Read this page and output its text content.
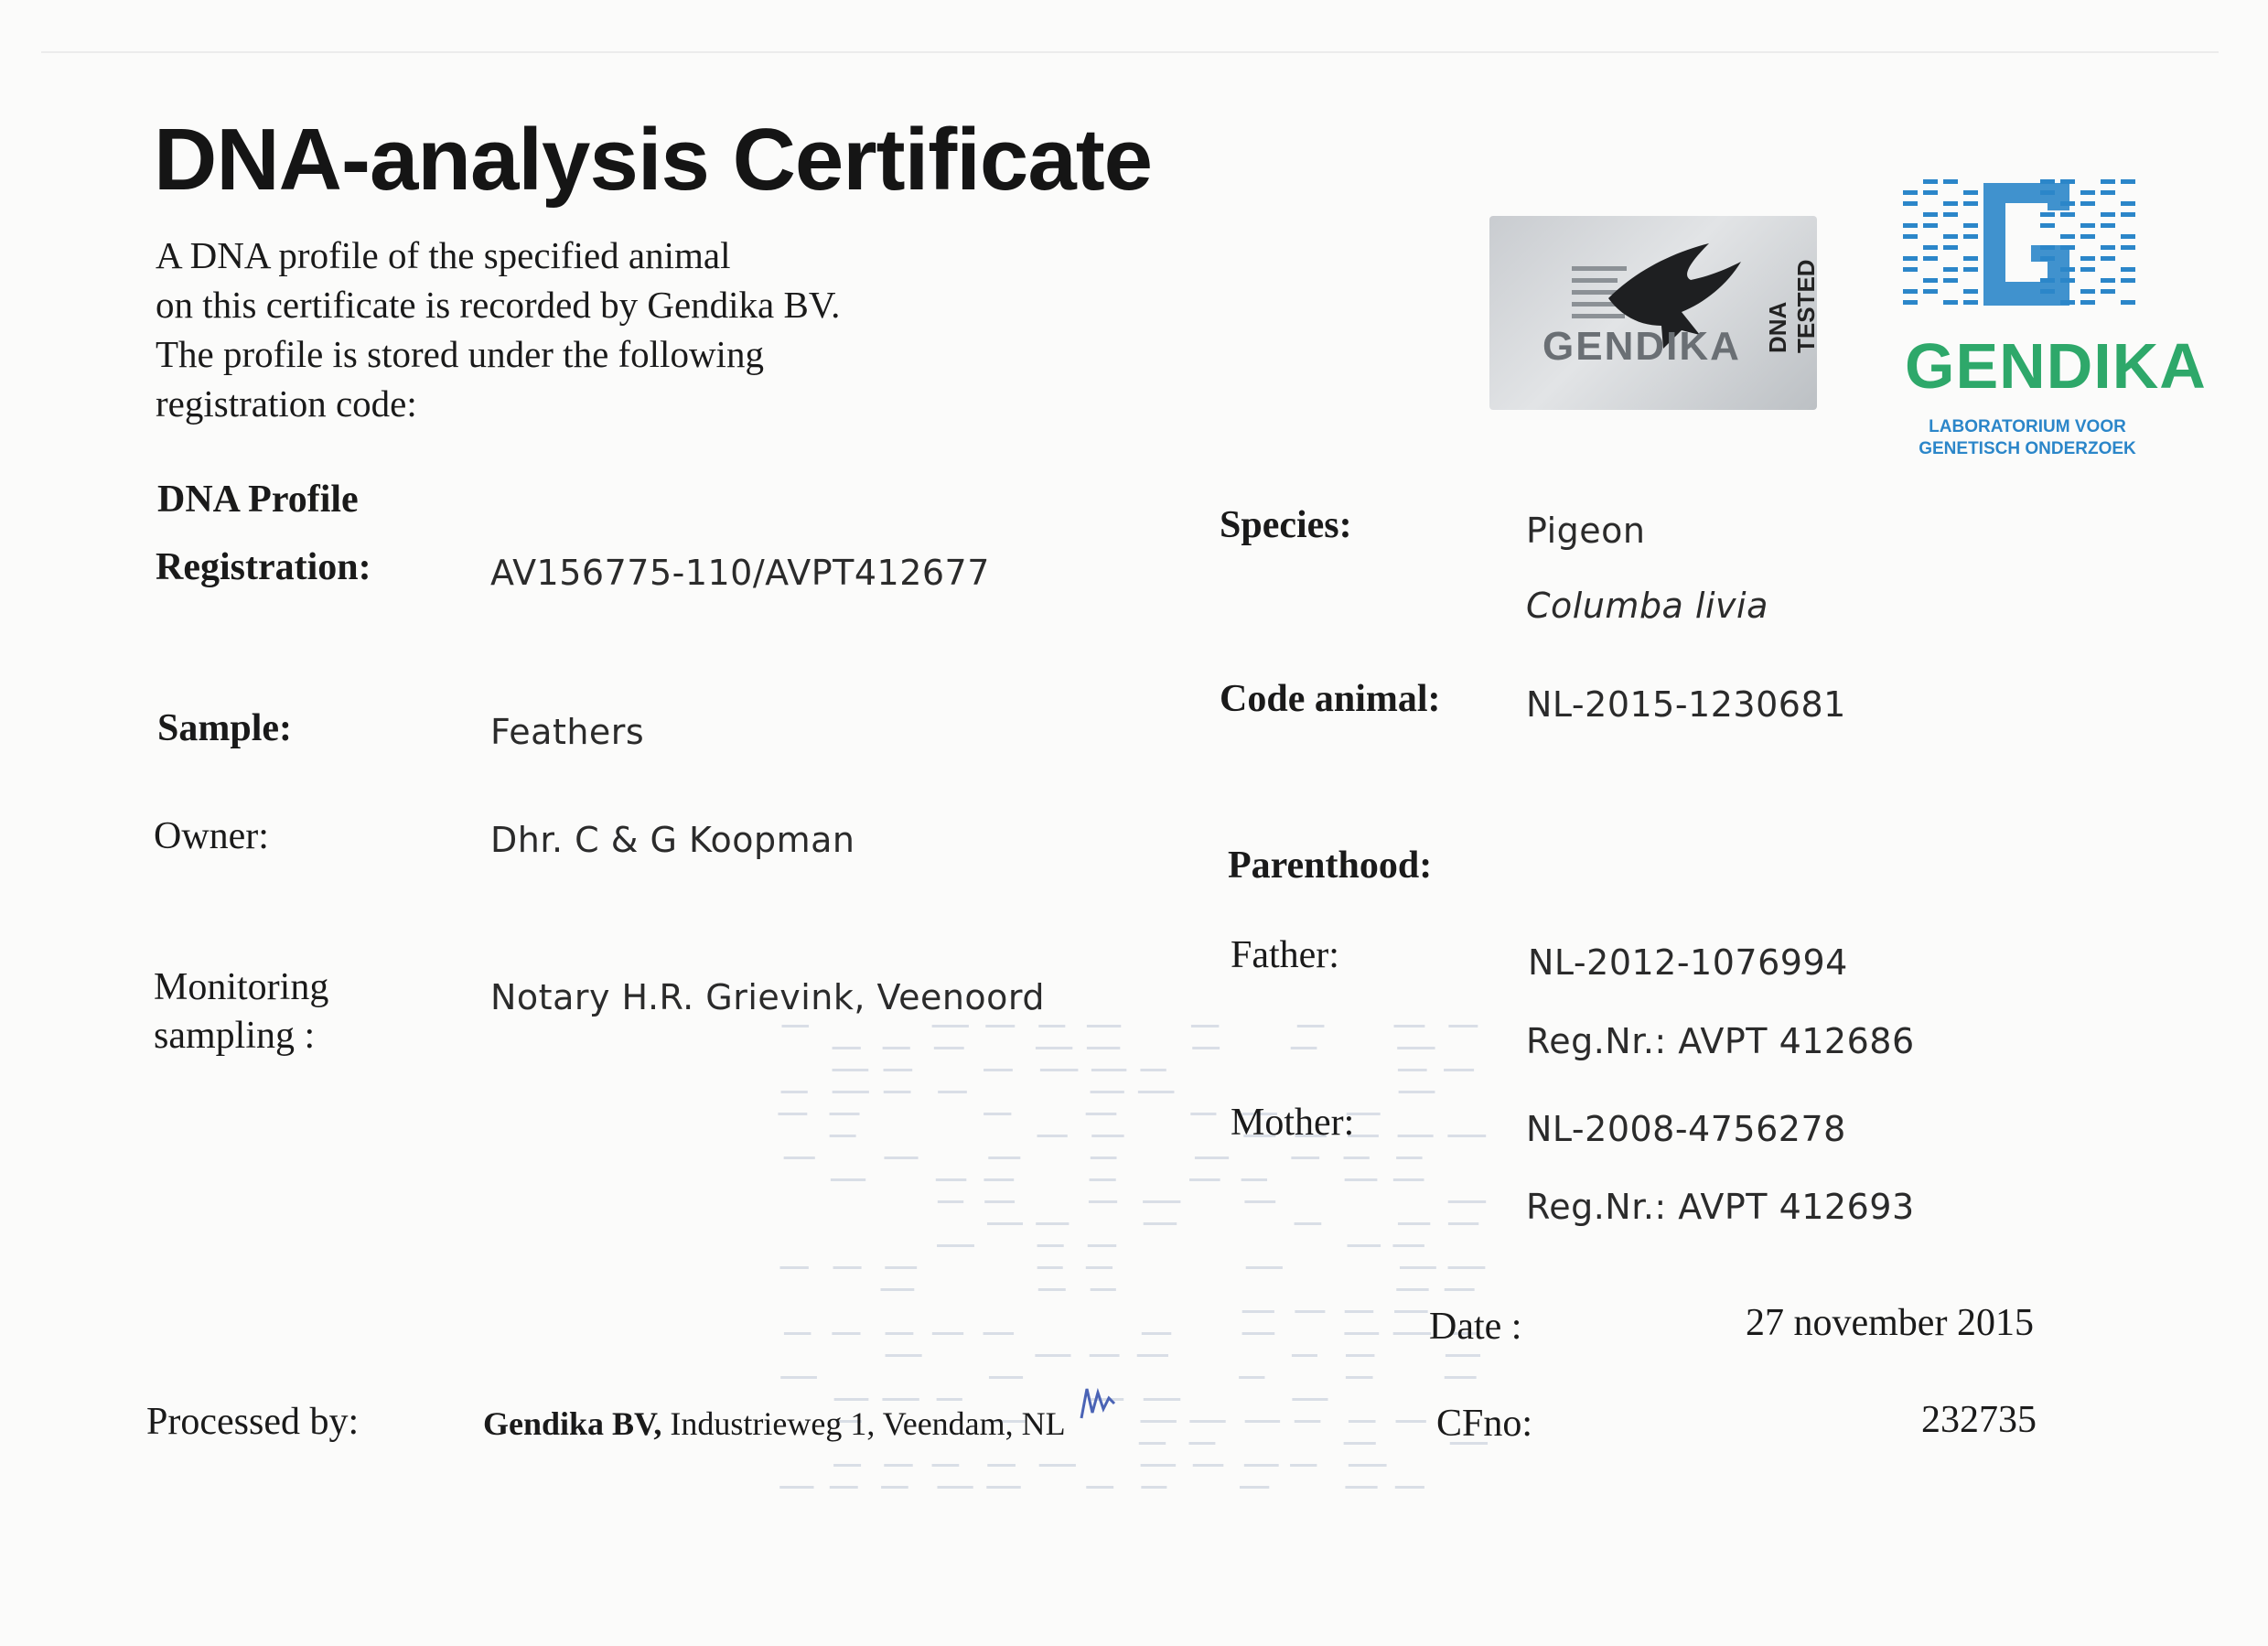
DNA-analysis Certificate
A DNA profile of the specified animal
on this certificate is recorded by Gendika BV.
The profile is stored under the following
registration code:
GENDIKA DNA TESTED
GENDIKA
LABORATORIUM VOOR
GENETISCH ONDERZOEK
DNA Profile
Registration:	AV156775-110/AVPT412677
Sample:	Feathers
Owner:	Dhr. C & G Koopman
Monitoring
sampling :
Notary H.R. Grievink, Veenoord
Species:	Pigeon
Columba livia
Code animal: NL-2015-1230681
Parenthood:
Father:	NL-2012-1076994
Reg.Nr.: AVPT 412686
Mother:	NL-2008-4756278
Reg.Nr.: AVPT 412693
Date :	27 november 2015
Processed by:	Gendika BV, Industrieweg 1, Veendam, NL	CFno:	232735
